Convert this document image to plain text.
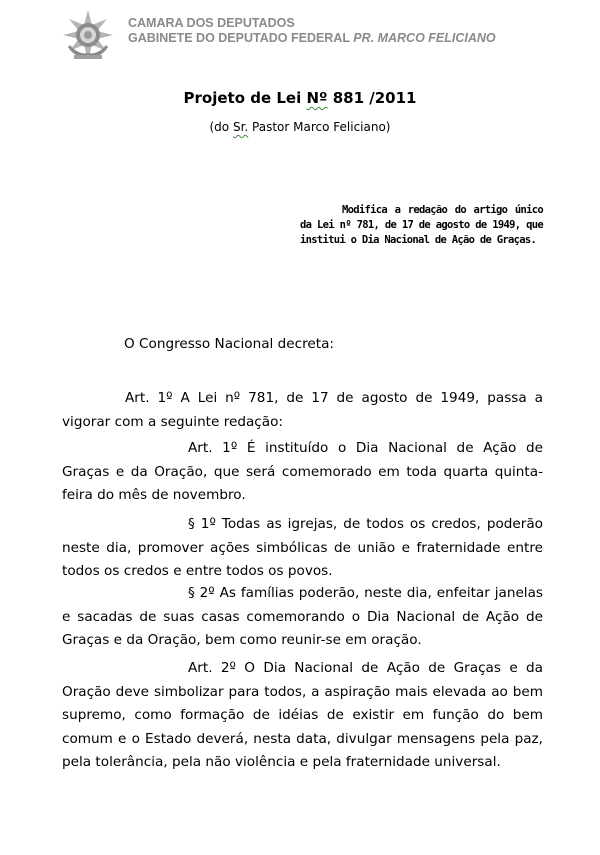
CAMARA DOS DEPUTADOS
GABINETE DO DEPUTADO FEDERAL PR. MARCO FELICIANO
Projeto de Lei Nº 881 /2011
(do Sr. Pastor Marco Feliciano)
Modifica a redação do artigo único da Lei nº 781, de 17 de agosto de 1949, que institui o Dia Nacional de Ação de Graças.
O Congresso Nacional decreta:
Art. 1º A Lei nº 781, de 17 de agosto de 1949, passa a vigorar com a seguinte redação:
Art. 1º É instituído o Dia Nacional de Ação de Graças e da Oração, que será comemorado em toda quarta quinta-feira do mês de novembro.
§ 1º Todas as igrejas, de todos os credos, poderão neste dia, promover ações simbólicas de união e fraternidade entre todos os credos e entre todos os povos.
§ 2º As famílias poderão, neste dia, enfeitar janelas e sacadas de suas casas comemorando o Dia Nacional de Ação de Graças e da Oração, bem como reunir-se em oração.
Art. 2º O Dia Nacional de Ação de Graças e da Oração deve simbolizar para todos, a aspiração mais elevada ao bem supremo, como formação de idéias de existir em função do bem comum e o Estado deverá, nesta data, divulgar mensagens pela paz, pela tolerância, pela não violência e pela fraternidade universal.
